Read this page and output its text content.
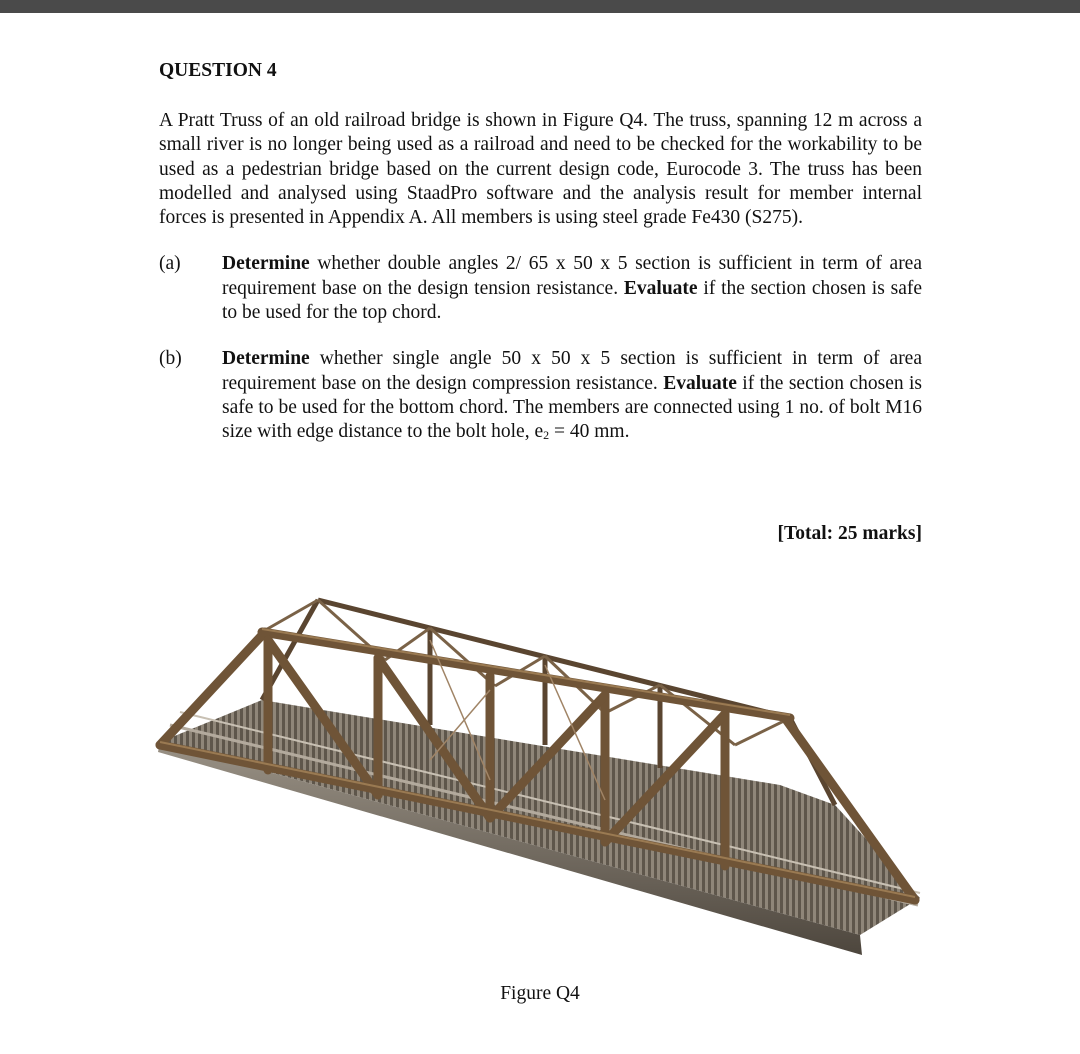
QUESTION 4

A Pratt Truss of an old railroad bridge is shown in Figure Q4. The truss, spanning 12 m across a small river is no longer being used as a railroad and need to be checked for the workability to be used as a pedestrian bridge based on the current design code, Eurocode 3. The truss has been modelled and analysed using StaadPro software and the analysis result for member internal forces is presented in Appendix A. All members is using steel grade Fe430 (S275).
(a)	Determine whether double angles 2/ 65 x 50 x 5 section is sufficient in term of area requirement base on the design tension resistance. Evaluate if the section chosen is safe to be used for the top chord.
(b)	Determine whether single angle 50 x 50 x 5 section is sufficient in term of area requirement base on the design compression resistance. Evaluate if the section chosen is safe to be used for the bottom chord. The members are connected using 1 no. of bolt M16 size with edge distance to the bolt hole, e2 = 40 mm.
[Total: 25 marks]
Figure Q4
